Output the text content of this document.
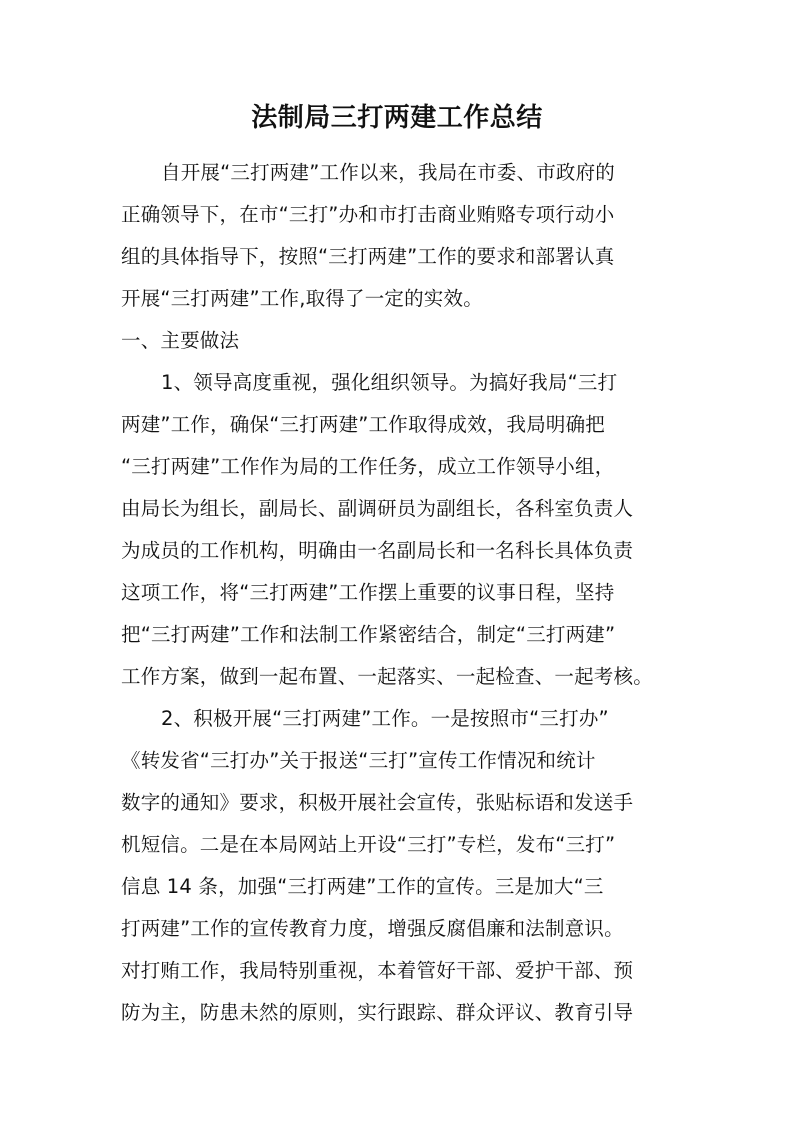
法制局三打两建工作总结
自开展“三打两建”工作以来，我局在市委、市政府的
正确领导下，在市“三打”办和市打击商业贿赂专项行动小
组的具体指导下，按照“三打两建”工作的要求和部署认真
开展“三打两建”工作,取得了一定的实效。
一、主要做法
1、领导高度重视，强化组织领导。为搞好我局“三打
两建”工作，确保“三打两建”工作取得成效，我局明确把
“三打两建”工作作为局的工作任务，成立工作领导小组，
由局长为组长，副局长、副调研员为副组长，各科室负责人
为成员的工作机构，明确由一名副局长和一名科长具体负责
这项工作，将“三打两建”工作摆上重要的议事日程，坚持
把“三打两建”工作和法制工作紧密结合，制定“三打两建”
工作方案，做到一起布置、一起落实、一起检查、一起考核。
2、积极开展“三打两建”工作。一是按照市“三打办”
《转发省“三打办”关于报送“三打”宣传工作情况和统计
数字的通知》要求，积极开展社会宣传，张贴标语和发送手
机短信。二是在本局网站上开设“三打”专栏，发布“三打”
信息 14 条，加强“三打两建”工作的宣传。三是加大“三
打两建”工作的宣传教育力度，增强反腐倡廉和法制意识。
对打贿工作，我局特别重视，本着管好干部、爱护干部、预
防为主，防患未然的原则，实行跟踪、群众评议、教育引导
